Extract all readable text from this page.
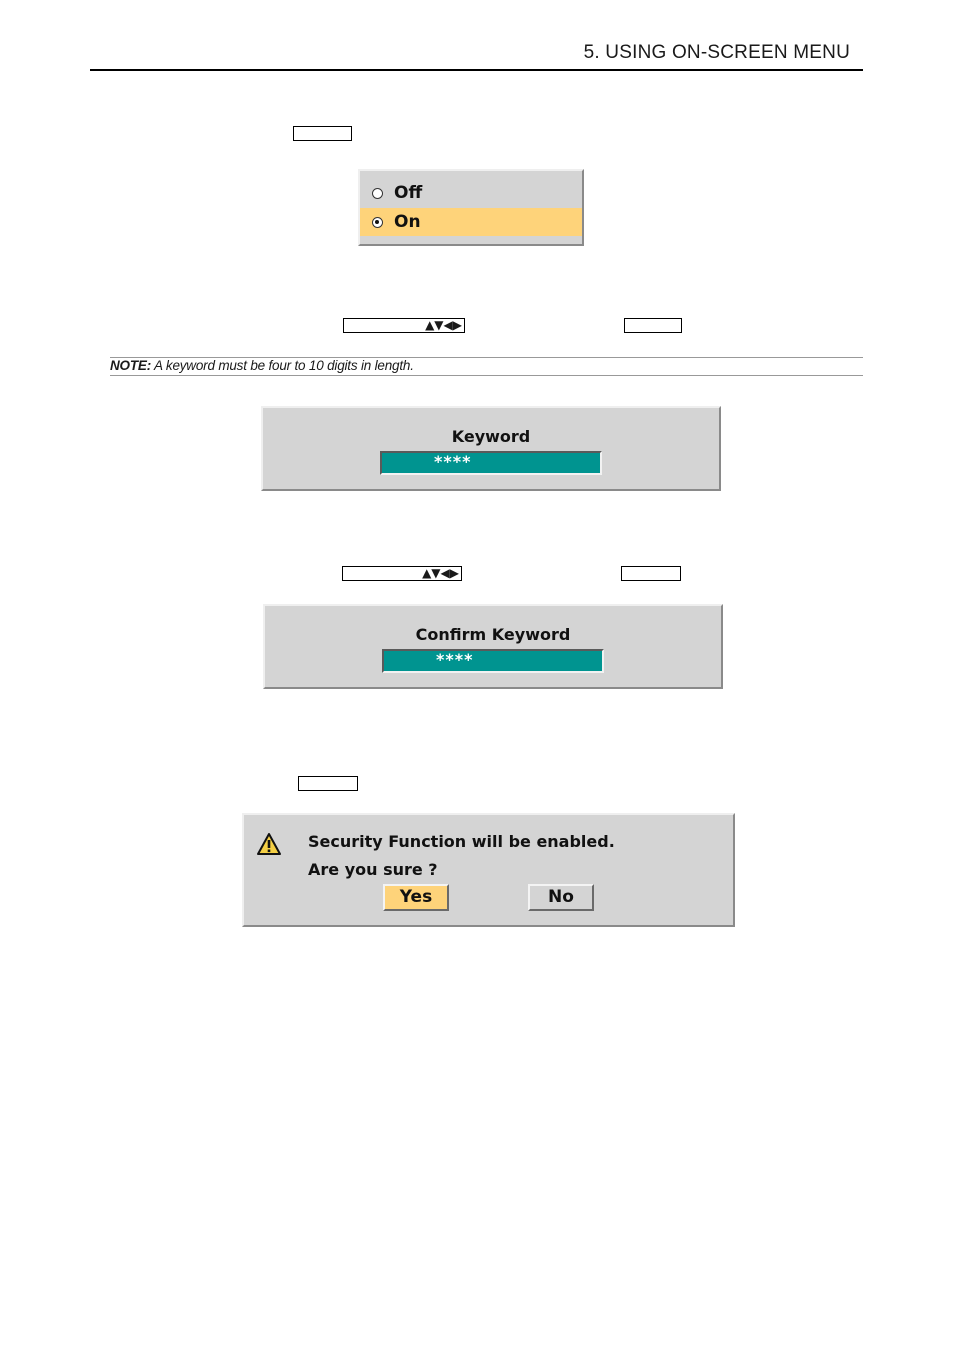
5. USING ON-SCREEN MENU
Off
On
▲▼◀▶
NOTE: A keyword must be four to 10 digits in length.
Keyword
****
▲▼◀▶
Confirm Keyword
****
Security Function will be enabled.
Are you sure ?
Yes	No
